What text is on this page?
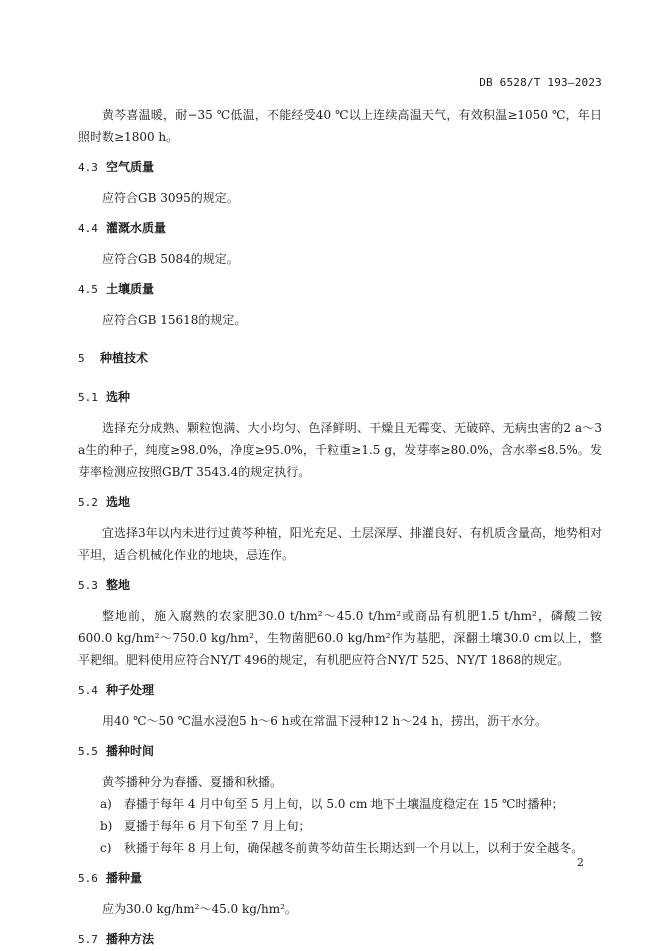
DB 6528/T 193—2023

黄芩喜温暖，耐−35 ℃低温，不能经受40 ℃以上连续高温天气，有效积温≥1050 ℃，年日照时数≥1800 h。

4.3 空气质量

应符合GB 3095的规定。

4.4 灌溉水质量

应符合GB 5084的规定。

4.5 土壤质量

应符合GB 15618的规定。

5 种植技术

5.1 选种

选择充分成熟、颗粒饱满、大小均匀、色泽鲜明、干燥且无霉变、无破碎、无病虫害的2 a～3 a生的种子，纯度≥98.0%，净度≥95.0%，千粒重≥1.5 g，发芽率≥80.0%，含水率≤8.5%。发芽率检测应按照GB/T 3543.4的规定执行。

5.2 选地

宜选择3年以内未进行过黄芩种植，阳光充足、土层深厚、排灌良好、有机质含量高，地势相对平坦，适合机械化作业的地块，忌连作。

5.3 整地

整地前，施入腐熟的农家肥30.0 t/hm²～45.0 t/hm²或商品有机肥1.5 t/hm²，磷酸二铵600.0 kg/hm²～750.0 kg/hm²，生物菌肥60.0 kg/hm²作为基肥，深翻土壤30.0 cm以上，整平耙细。肥料使用应符合NY/T 496的规定，有机肥应符合NY/T 525、NY/T 1868的规定。

5.4 种子处理

用40 ℃～50 ℃温水浸泡5 h～6 h或在常温下浸种12 h～24 h，捞出，沥干水分。

5.5 播种时间

黄芩播种分为春播、夏播和秋播。

a)	春播于每年 4 月中旬至 5 月上旬，以 5.0 cm 地下土壤温度稳定在 15 ℃时播种；

b) 夏播于每年 6 月下旬至 7 月上旬；

c)	秋播于每年 8 月上旬，确保越冬前黄芩幼苗生长期达到一个月以上，以利于安全越冬。

5.6 播种量

应为30.0 kg/hm²～45.0 kg/hm²。

5.7 播种方法

2
